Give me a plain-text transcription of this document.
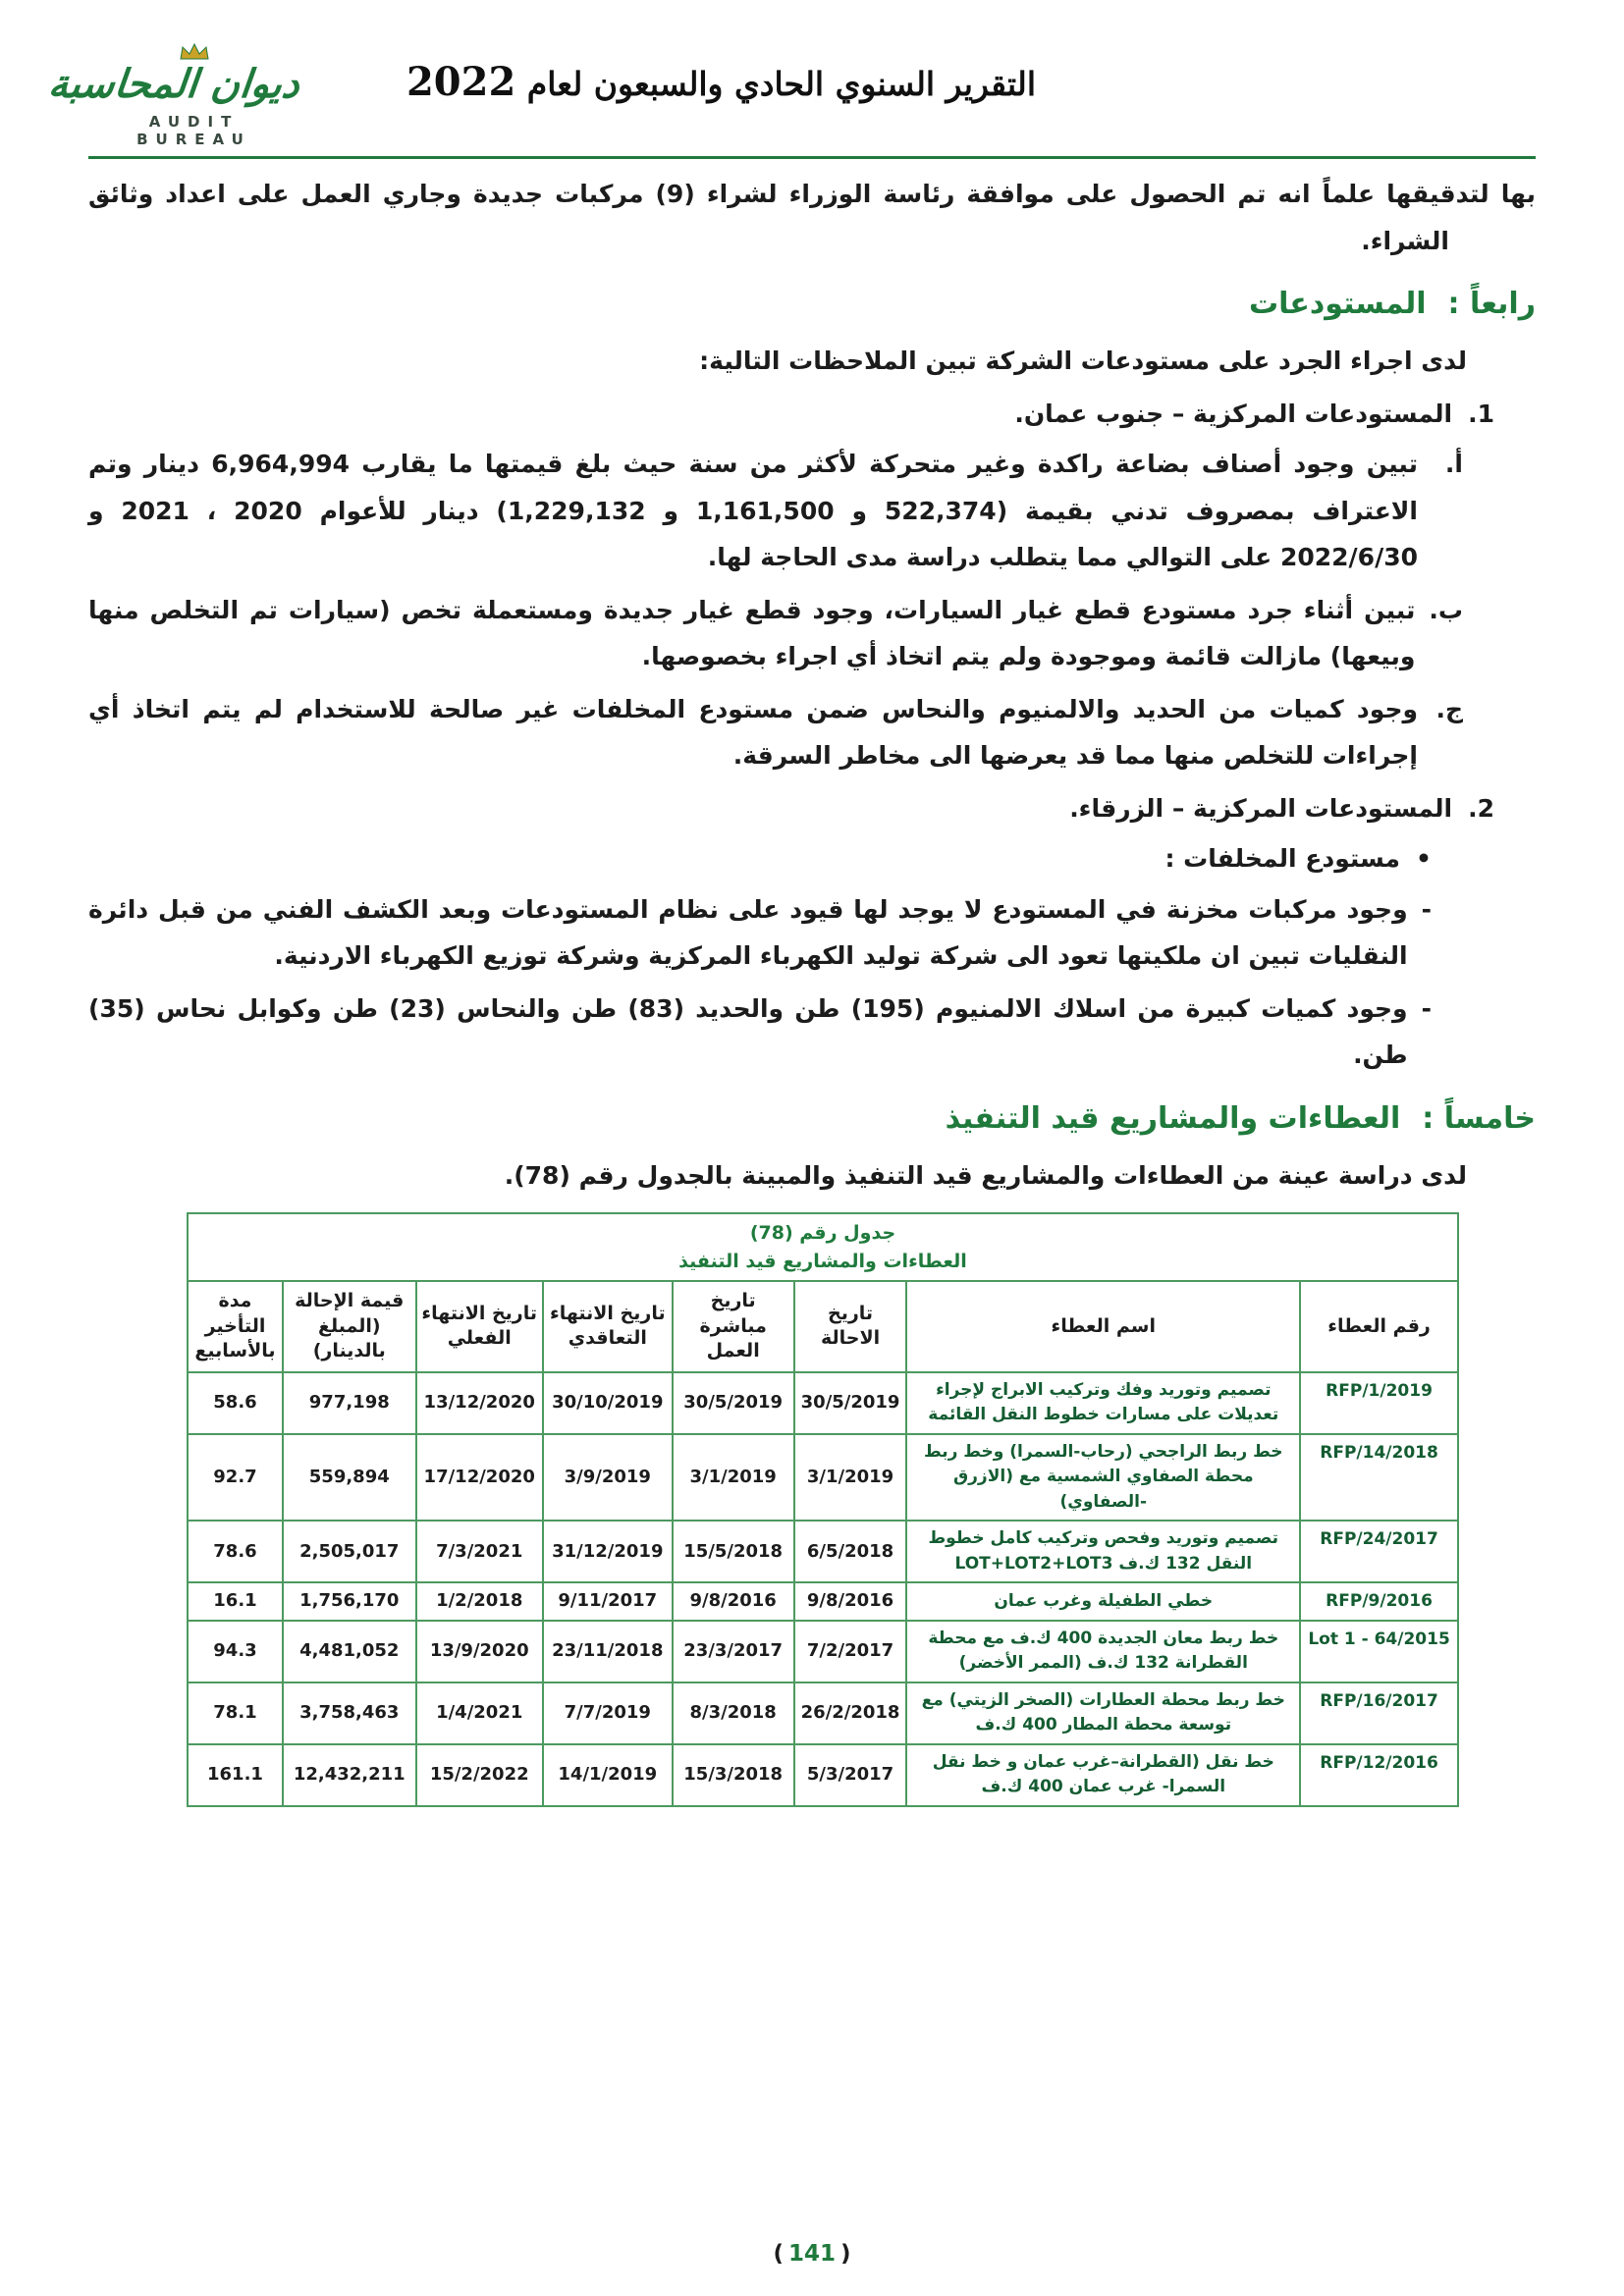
ديوان المحاسبة
AUDIT BUREAU
التقرير السنوي الحادي والسبعون لعام 2022

بها لتدقيقها علماً انه تم الحصول على موافقة رئاسة الوزراء لشراء (9) مركبات جديدة وجاري العمل على اعداد وثائق الشراء.

رابعاً :
المستودعات

لدى اجراء الجرد على مستودعات الشركة تبين الملاحظات التالية:

1.
المستودعات المركزية – جنوب عمان.
أ.
تبين وجود أصناف بضاعة راكدة وغير متحركة لأكثر من سنة حيث بلغ قيمتها ما يقارب 6,964,994 دينار وتم الاعتراف بمصروف تدني بقيمة (522,374 و 1,161,500 و 1,229,132) دينار للأعوام 2020 ، 2021 و 2022/6/30 على التوالي مما يتطلب دراسة مدى الحاجة لها.
ب.
تبين أثناء جرد مستودع قطع غيار السيارات، وجود قطع غيار جديدة ومستعملة تخص (سيارات تم التخلص منها وبيعها) مازالت قائمة وموجودة ولم يتم اتخاذ أي اجراء بخصوصها.
ج.
وجود كميات من الحديد والالمنيوم والنحاس ضمن مستودع المخلفات غير صالحة للاستخدام لم يتم اتخاذ أي إجراءات للتخلص منها مما قد يعرضها الى مخاطر السرقة.
2.
المستودعات المركزية – الزرقاء.
•
مستودع المخلفات :
-
وجود مركبات مخزنة في المستودع لا يوجد لها قيود على نظام المستودعات وبعد الكشف الفني من قبل دائرة النقليات تبين ان ملكيتها تعود الى شركة توليد الكهرباء المركزية وشركة توزيع الكهرباء الاردنية.
-
وجود كميات كبيرة من اسلاك الالمنيوم (195) طن والحديد (83) طن والنحاس (23) طن وكوابل نحاس (35) طن.
خامساً :
العطاءات والمشاريع قيد التنفيذ

لدى دراسة عينة من العطاءات والمشاريع قيد التنفيذ والمبينة بالجدول رقم (78).

جدول رقم (78)
العطاءات والمشاريع قيد التنفيذ							

رقم العطاء	اسم العطاء	تاريخ الاحالة	تاريخ مباشرة العمل	تاريخ الانتهاء التعاقدي	تاريخ الانتهاء الفعلي	قيمة الإحالة (المبلغ بالدينار)	مدة التأخير بالأسابيع
RFP/1/2019	تصميم وتوريد وفك وتركيب الابراج لإجراء تعديلات على مسارات خطوط النقل القائمة	30/5/2019	30/5/2019	30/10/2019	13/12/2020	977,198	58.6
RFP/14/2018	خط ربط الراجحي (رحاب-السمرا) وخط ربط محطة الصفاوي الشمسية مع (الازرق -الصفاوي)	3/1/2019	3/1/2019	3/9/2019	17/12/2020	559,894	92.7
RFP/24/2017	تصميم وتوريد وفحص وتركيب كامل خطوط النقل 132 ك.ف LOT+LOT2+LOT3	6/5/2018	15/5/2018	31/12/2019	7/3/2021	2,505,017	78.6
RFP/9/2016	خطي الطفيلة وغرب عمان	9/8/2016	9/8/2016	9/11/2017	1/2/2018	1,756,170	16.1
Lot 1 - 64/2015	خط ربط معان الجديدة 400 ك.ف مع محطة القطرانة 132 ك.ف (الممر الأخضر)	7/2/2017	23/3/2017	23/11/2018	13/9/2020	4,481,052	94.3
RFP/16/2017	خط ربط محطة العطارات (الصخر الزيتي) مع توسعة محطة المطار 400 ك.ف	26/2/2018	8/3/2018	7/7/2019	1/4/2021	3,758,463	78.1
RFP/12/2016	خط نقل (القطرانة–غرب عمان و خط نقل السمرا- غرب عمان 400 ك.ف	5/3/2017	15/3/2018	14/1/2019	15/2/2022	12,432,211	161.1
( 141 )
